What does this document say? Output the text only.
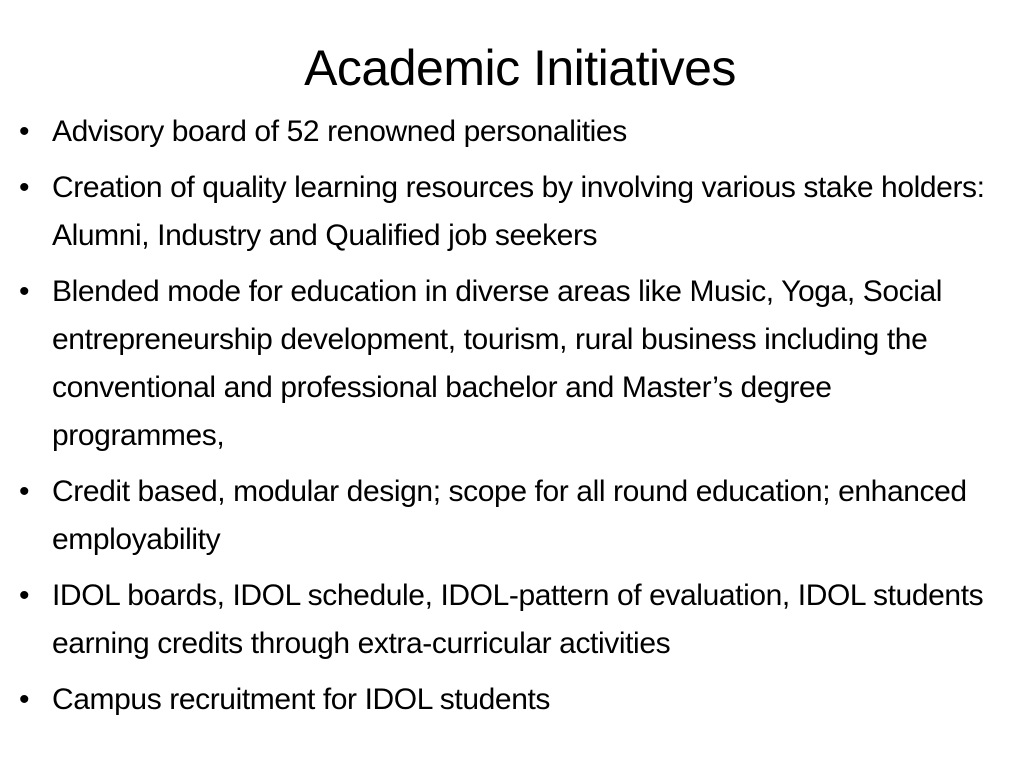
Academic Initiatives
• Advisory board of 52 renowned personalities
• Creation of quality learning resources by involving various stake holders: Alumni, Industry and Qualified job seekers
• Blended mode for education in diverse areas like Music, Yoga, Social entrepreneurship development, tourism, rural business including the conventional and professional bachelor and Master’s degree programmes,
• Credit based, modular design; scope for all round education; enhanced employability
• IDOL boards, IDOL schedule, IDOL-pattern of evaluation, IDOL students earning credits through extra-curricular activities
• Campus recruitment for IDOL students
